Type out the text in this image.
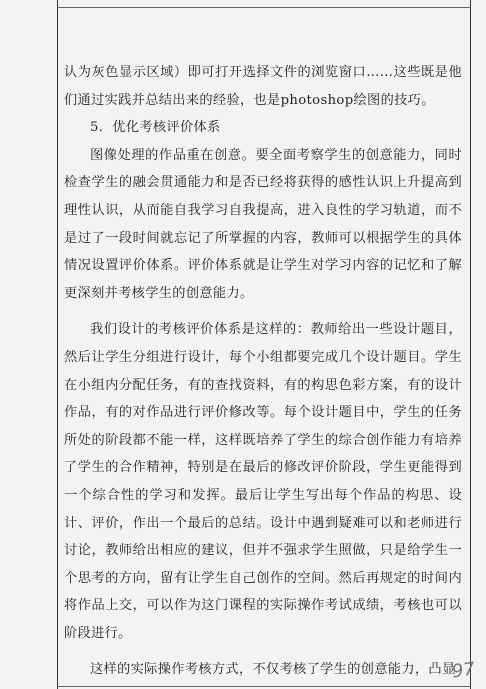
认为灰色显示区域）即可打开选择文件的浏览窗口……这些既是他们通过实践并总结出来的经验，也是photoshop绘图的技巧。

5．优化考核评价体系

图像处理的作品重在创意。要全面考察学生的创意能力，同时检查学生的融会贯通能力和是否已经将获得的感性认识上升提高到理性认识，从而能自我学习自我提高，进入良性的学习轨道，而不是过了一段时间就忘记了所掌握的内容，教师可以根据学生的具体情况设置评价体系。评价体系就是让学生对学习内容的记忆和了解更深刻并考核学生的创意能力。

我们设计的考核评价体系是这样的：教师给出一些设计题目，然后让学生分组进行设计，每个小组都要完成几个设计题目。学生在小组内分配任务，有的查找资料，有的构思色彩方案，有的设计作品，有的对作品进行评价修改等。每个设计题目中，学生的任务所处的阶段都不能一样，这样既培养了学生的综合创作能力有培养了学生的合作精神，特别是在最后的修改评价阶段，学生更能得到一个综合性的学习和发挥。最后让学生写出每个作品的构思、设计、评价，作出一个最后的总结。设计中遇到疑难可以和老师进行讨论，教师给出相应的建议，但并不强求学生照做，只是给学生一个思考的方向，留有让学生自己创作的空间。然后再规定的时间内将作品上交，可以作为这门课程的实际操作考试成绩，考核也可以阶段进行。

这样的实际操作考核方式，不仅考核了学生的创意能力，凸显

97
